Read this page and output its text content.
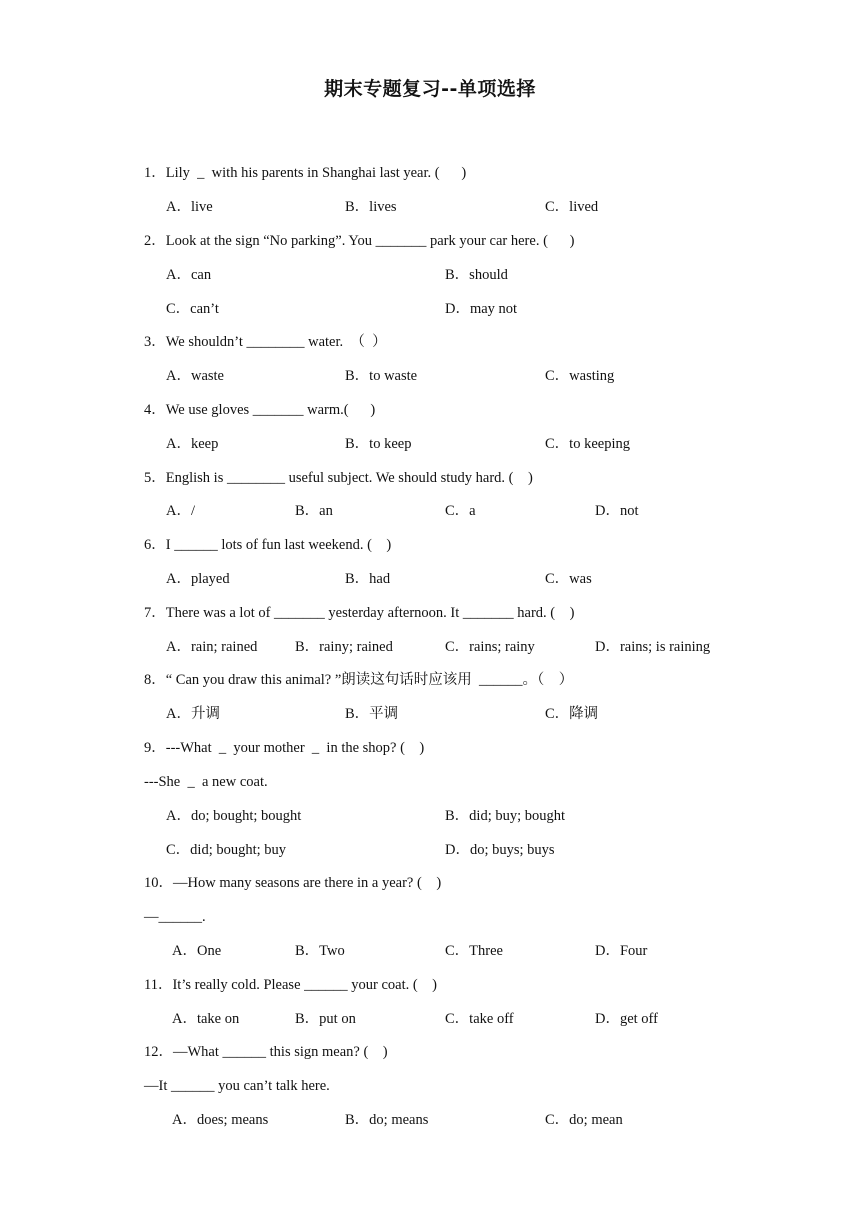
期末专题复习--单项选择
1．Lily  _  with his parents in Shanghai last year. (      )
A．live	B．lives	C．lived
2．Look at the sign “No parking”. You _______ park your car here. (      )
A．can	B．should
C．can’t	D．may not
3．We shouldn’t ________ water.  （  ）
A．waste	B．to waste	C．wasting
4．We use gloves _______ warm.(      )
A．keep	B．to keep	C．to keeping
5．English is ________ useful subject. We should study hard. (    )
A．/	B．an	C．a	D．not
6．I ______ lots of fun last weekend. (    )
A．played	B．had	C．was
7．There was a lot of _______ yesterday afternoon. It _______ hard. (    )
A．rain; rained	B．rainy; rained	C．rains; rainy	D．rains; is raining
8．“ Can you draw this animal? ”朗读这句话时应该用  ______。（    ）
A．升调	B．平调	C．降调
9．---What  _  your mother  _  in the shop? (    )
---She  _  a new coat.
A．do; bought; bought	B．did; buy; bought
C．did; bought; buy	D．do; buys; buys
10．—How many seasons are there in a year? (    )
—______.
A．One	B．Two	C．Three	D．Four
11．It’s really cold. Please ______ your coat. (    )
A．take on	B．put on	C．take off	D．get off
12．—What ______ this sign mean? (    )
—It ______ you can’t talk here.
A．does; means	B．do; means	C．do; mean
